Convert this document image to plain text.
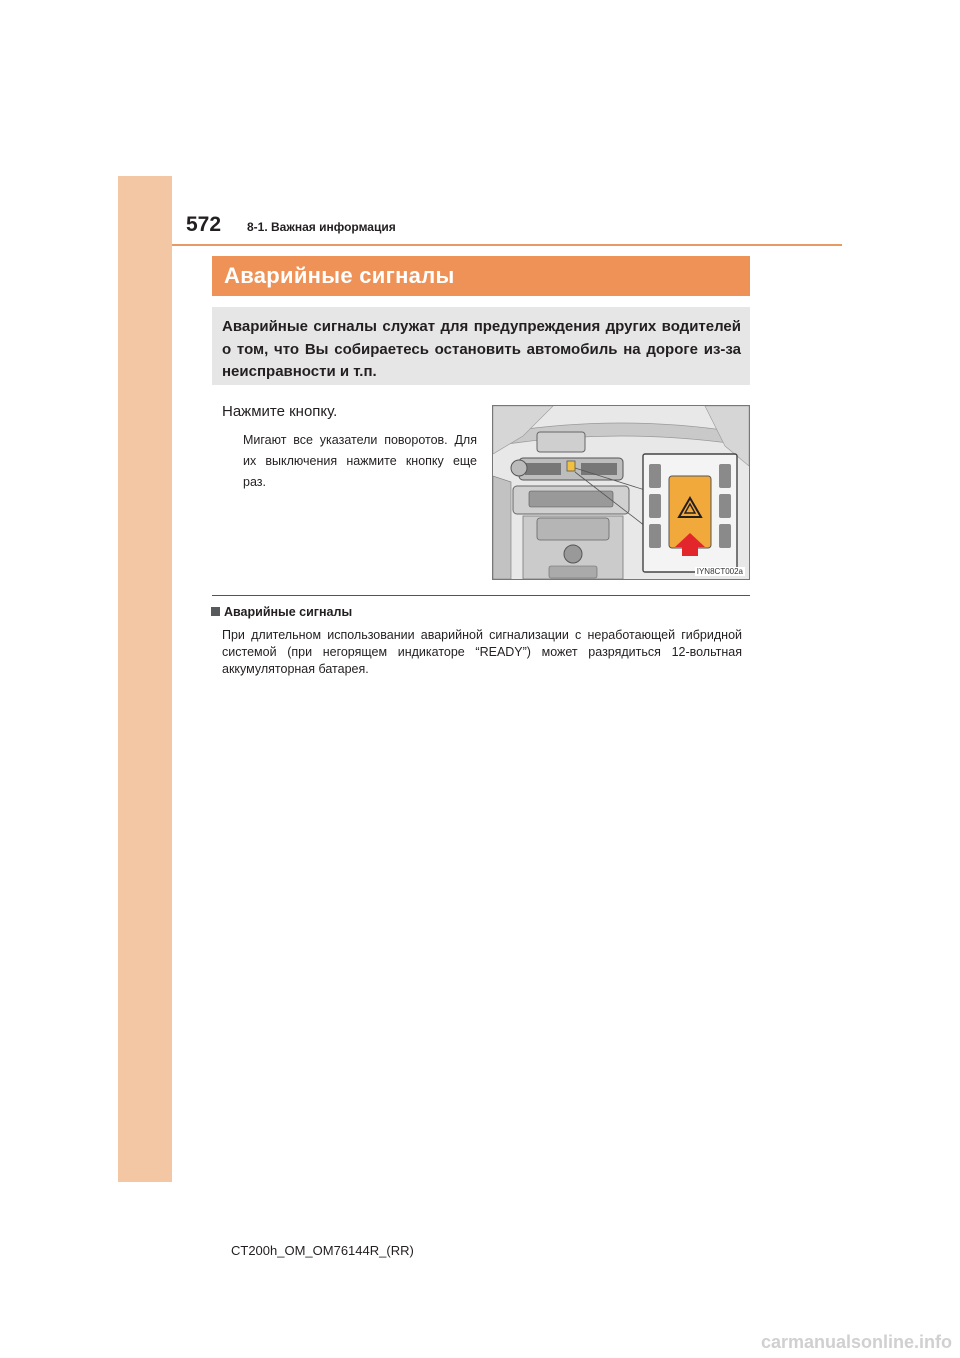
572 8-1. Важная информация
Аварийные сигналы

Аварийные сигналы служат для предупреждения других водителей о том, что Вы собираетесь остановить автомобиль на дороге из-за неисправности и т.п.

Нажмите кнопку.

Мигают все указатели поворотов. Для их выключения нажмите кнопку еще раз.

IYN8CT002a
Аварийные сигналы

При длительном использовании аварийной сигнализации с неработающей гибридной системой (при негорящем индикаторе “READY”) может разрядиться 12-вольтная аккумуляторная батарея.

CT200h_OM_OM76144R_(RR)
carmanualsonline.info
